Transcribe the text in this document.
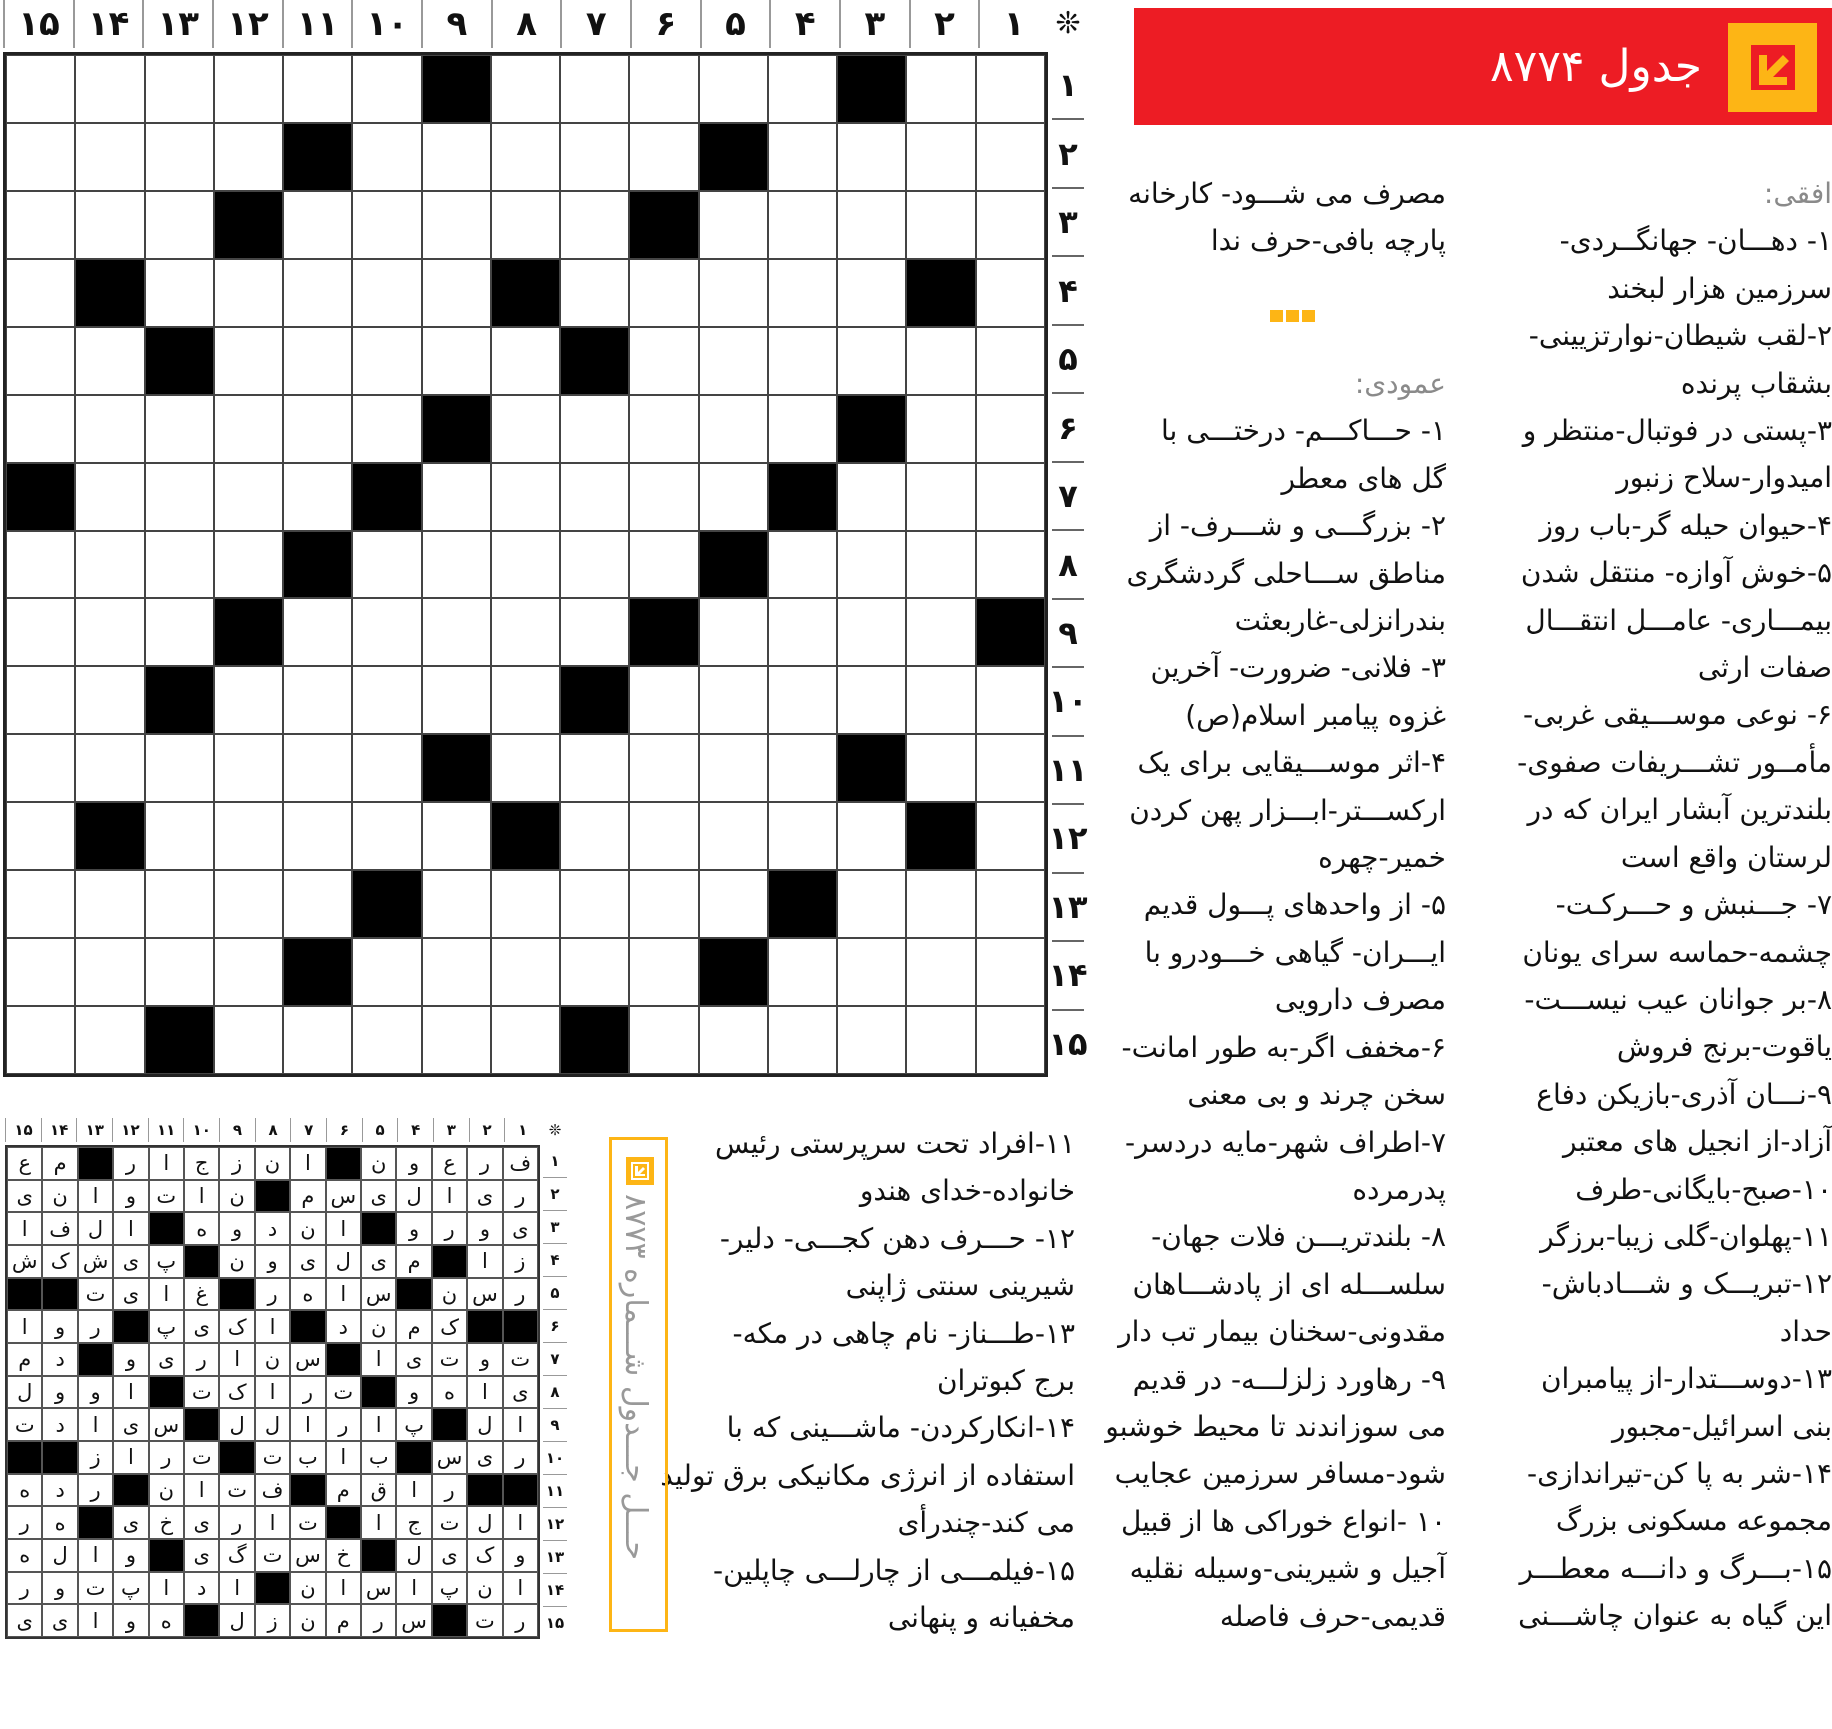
❊
۱
۲
۳
۴
۵
۶
۷
۸
۹
۱۰
۱۱
۱۲
۱۳
۱۴
۱۵
۱
۲
۳
۴
۵
۶
۷
۸
۹
۱۰
۱۱
۱۲
۱۳
۱۴
۱۵
جدول ۸۷۷۴
افقی:
۱- دهـــان- جهانگــردی-
سرزمین هزار لبخند
۲-لقب شیطان-نوارتزیینی-
بشقاب پرنده
۳-پستی در فوتبال-منتظر و
امیدوار-سلاح زنبور
۴-حیوان حیله گر-باب روز
۵-خوش آوازه- منتقل شدن
بیمـــاری- عامـــل انتقـــال
صفات ارثی
۶- نوعی موســـیقی غربی-
مأمــور تشـــریفات صفوی-
بلندترین آبشار ایران که در
لرستان واقع است
۷- جـــنبش و حـــرکـت-
چشمه-حماسه سرای یونان
۸-بر جوانان عیب نیســـت-
یاقوت-برنج فروش
۹-نـــان آذری-بازیکن دفاع
آزاد-از انجیل های معتبر
۱۰-صبح-بایگانی-طرف
۱۱-پهلوان-گلی زیبا-برزگر
۱۲-تبریـــک و شـــادباش-
حداد
۱۳-دوســـتدار-از پیامبران
بنی اسرائیل-مجبور
۱۴-شر به پا کن-تیراندازی-
مجموعه مسکونی بزرگ
۱۵-بـــرگ و دانـــه معطـــر
این گیاه به عنوان چاشـــنی
مصرف می شـــود- کارخانه
پارچه بافی-حرف ندا
عمودی:
۱- حـــاکـــم- درختـــی با
گل های معطر
۲- بزرگـــی و شـــرف- از
مناطق ســـاحلی گردشگری
بندرانزلی-غاربعثت
۳- فلانی- ضرورت- آخرین
غزوه پیامبر اسلام(ص)
۴-اثر موســـیقایی برای یک
ارکســـتر-ابـــزار پهن کردن
خمیر-چهره
۵- از واحدهای پـــول قدیم
ایـــران- گیاهی خـــودرو با
مصرف دارویی
۶-مخفف اگر-به طور امانت-
سخن چرند و بی معنی
۷-اطراف شهر-مایه دردسر-
پدرمرده
۸- بلندتریـــن فلات جهان-
سلســـله ای از پادشـــاهان
مقدونی-سخنان بیمار تب دار
۹- رهاورد زلزلـــه- در قدیم
می سوزاندند تا محیط خوشبو
شود-مسافر سرزمین عجایب
۱۰ -انواع خوراکی ها از قبیل
آجیل و شیرینی-وسیله نقلیه
قدیمی-حرف فاصله
۱۱-افراد تحت سرپرستی رئیس
خانواده-خدای هندو
۱۲- حـــرف دهن کجـــی- دلیر-
شیرینی سنتی ژاپنی
۱۳-طـــناز- نام چاهی در مکه-
برج کبوتران
۱۴-انکارکردن- ماشـــینی که با
استفاده از انرژی مکانیکی برق تولید
می کند-چندرأی
۱۵-فیلمـــی از چارلـــی چاپلین-
مخفیانه و پنهانی
حـــل جـــدول شـــماره ۸۷۷۳
❊
۱
۲
۳
۴
۵
۶
۷
۸
۹
۱۰
۱۱
۱۲
۱۳
۱۴
۱۵
ف
ر
ع
و
ن
ا
ن
ز
ج
ا
ر
م
ع
ر
ی
ا
ل
ی
س
م
ن
ا
ت
و
ا
ن
ی
ی
و
ر
و
ا
ن
د
و
ه
ا
ل
ف
ا
ز
ا
م
ی
ل
ی
و
ن
پ
ی
ش
ک
ش
ر
س
ن
س
ا
ه
ر
غ
ا
ی
ت
ک
م
ن
د
ا
ک
ی
پ
ر
و
ا
ت
و
ت
ی
ا
س
ن
ا
ر
ی
و
د
م
ی
ا
ه
و
ت
ر
ا
ک
ت
ا
و
و
ل
ا
ل
پ
ا
ر
ا
ل
ل
س
ی
ا
د
ت
ر
ی
س
ب
ا
ب
ت
ت
ر
ا
ز
ر
ا
ق
م
ف
ت
ا
ن
ر
د
ه
ا
ل
ت
ج
ا
ت
ا
ر
ی
خ
ی
ه
ر
و
ک
ی
ل
خ
س
ت
گ
ی
و
ا
ل
ه
ا
ن
پ
ا
س
ا
ن
ا
د
ا
پ
ت
و
ر
ر
ت
س
ر
م
ن
ز
ل
ه
و
ا
ی
ی
۱
۲
۳
۴
۵
۶
۷
۸
۹
۱۰
۱۱
۱۲
۱۳
۱۴
۱۵
